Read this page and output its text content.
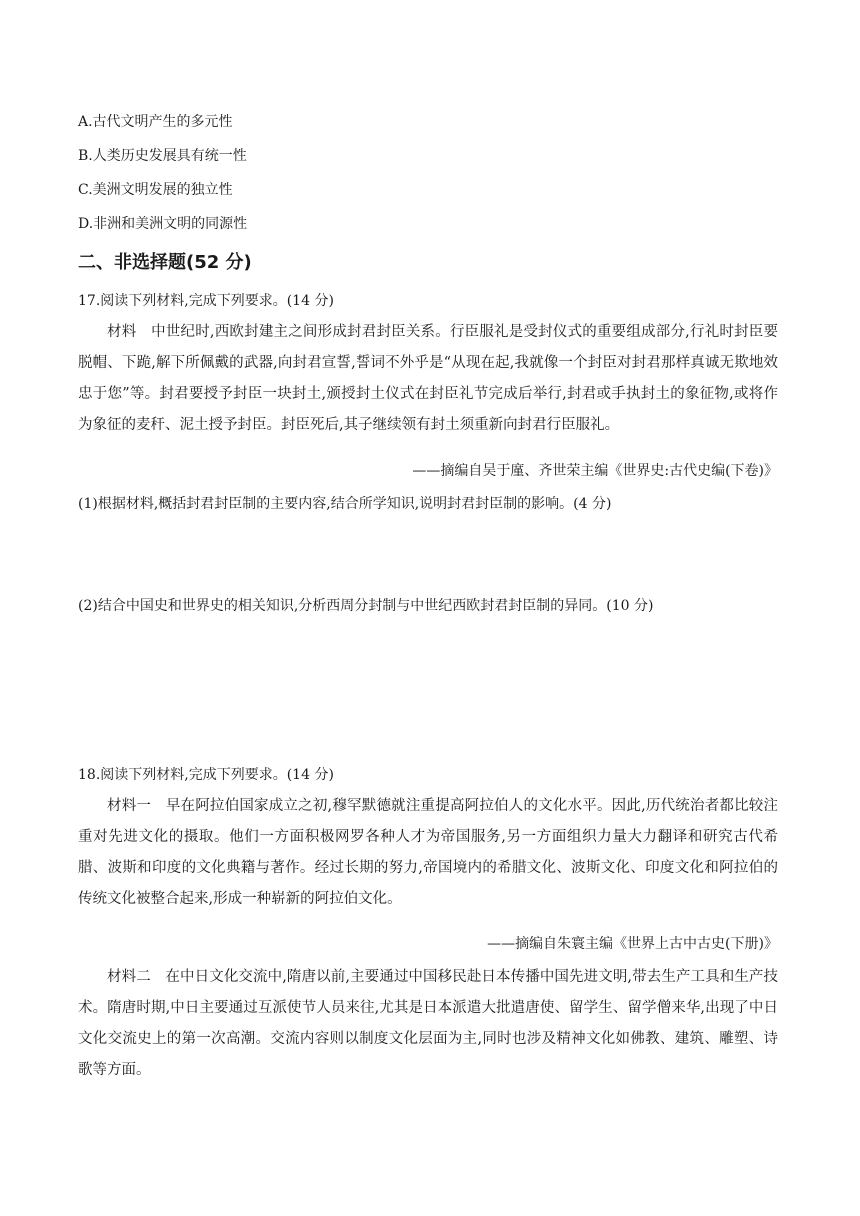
A.古代文明产生的多元性
B.人类历史发展具有统一性
C.美洲文明发展的独立性
D.非洲和美洲文明的同源性
二、非选择题(52 分)
17.阅读下列材料,完成下列要求。(14 分)

材料　 中世纪时,西欧封建主之间形成封君封臣关系。行臣服礼是受封仪式的重要组成部分,行礼时封臣要脱帽、下跪,解下所佩戴的武器,向封君宣誓,誓词不外乎是“从现在起,我就像一个封臣对封君那样真诚无欺地效忠于您”等。封君要授予封臣一块封土,颁授封土仪式在封臣礼节完成后举行,封君或手执封土的象征物,或将作为象征的麦秆、泥土授予封臣。封臣死后,其子继续领有封土须重新向封君行臣服礼。

——摘编自吴于廑、齐世荣主编《世界史:古代史编(下卷)》
(1)根据材料,概括封君封臣制的主要内容,结合所学知识,说明封君封臣制的影响。(4 分)
(2)结合中国史和世界史的相关知识,分析西周分封制与中世纪西欧封君封臣制的异同。(10 分)
18.阅读下列材料,完成下列要求。(14 分)

材料一　 早在阿拉伯国家成立之初,穆罕默德就注重提高阿拉伯人的文化水平。因此,历代统治者都比较注重对先进文化的摄取。他们一方面积极网罗各种人才为帝国服务,另一方面组织力量大力翻译和研究古代希腊、波斯和印度的文化典籍与著作。经过长期的努力,帝国境内的希腊文化、波斯文化、印度文化和阿拉伯的传统文化被整合起来,形成一种崭新的阿拉伯文化。

——摘编自朱寰主编《世界上古中古史(下册)》

材料二　 在中日文化交流中,隋唐以前,主要通过中国移民赴日本传播中国先进文明,带去生产工具和生产技术。隋唐时期,中日主要通过互派使节人员来往,尤其是日本派遣大批遣唐使、留学生、留学僧来华,出现了中日文化交流史上的第一次高潮。交流内容则以制度文化层面为主,同时也涉及精神文化如佛教、建筑、雕塑、诗歌等方面。
